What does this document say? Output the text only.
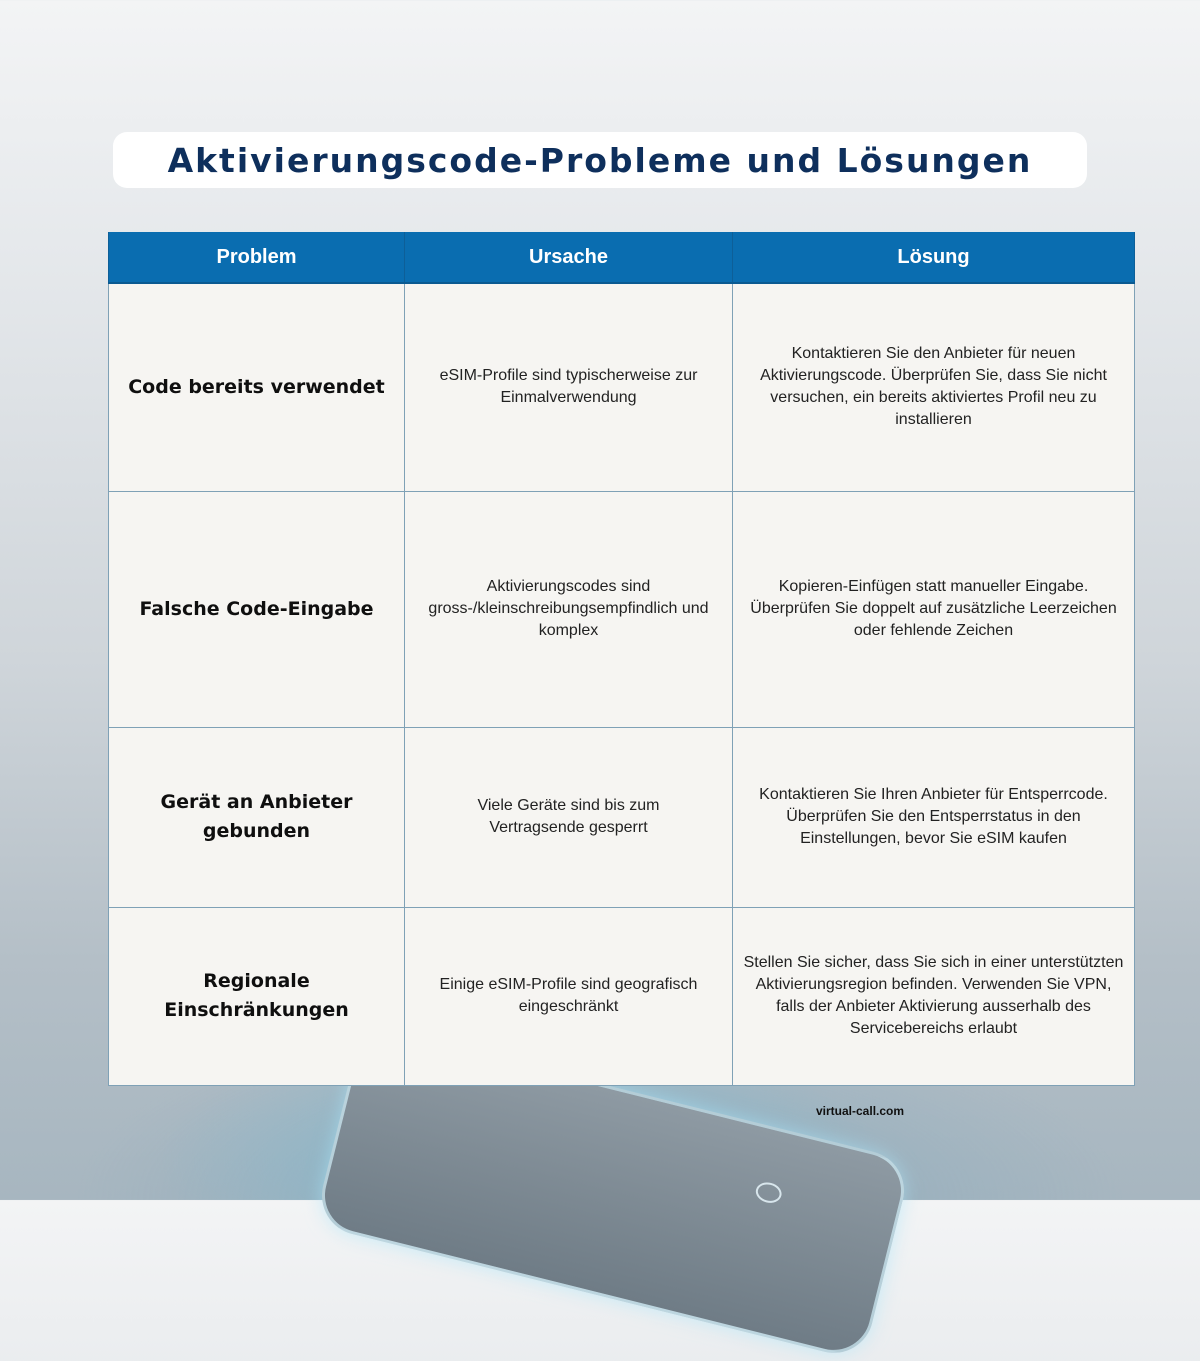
Aktivierungscode-Probleme und Lösungen
Problem	Ursache	Lösung
Code bereits verwendet	eSIM-Profile sind typischerweise zur Einmalverwendung	Kontaktieren Sie den Anbieter für neuen Aktivierungscode. Überprüfen Sie, dass Sie nicht versuchen, ein bereits aktiviertes Profil neu zu installieren
Falsche Code-Eingabe	Aktivierungscodes sind gross-/kleinschreibungsempfindlich und komplex	Kopieren-Einfügen statt manueller Eingabe. Überprüfen Sie doppelt auf zusätzliche Leerzeichen oder fehlende Zeichen
Gerät an Anbieter gebunden	Viele Geräte sind bis zum Vertragsende gesperrt	Kontaktieren Sie Ihren Anbieter für Entsperrcode. Überprüfen Sie den Entsperrstatus in den Einstellungen, bevor Sie eSIM kaufen
Regionale Einschränkungen	Einige eSIM-Profile sind geografisch eingeschränkt	Stellen Sie sicher, dass Sie sich in einer unterstützten Aktivierungsregion befinden. Verwenden Sie VPN, falls der Anbieter Aktivierung ausserhalb des Servicebereichs erlaubt
virtual-call.com
